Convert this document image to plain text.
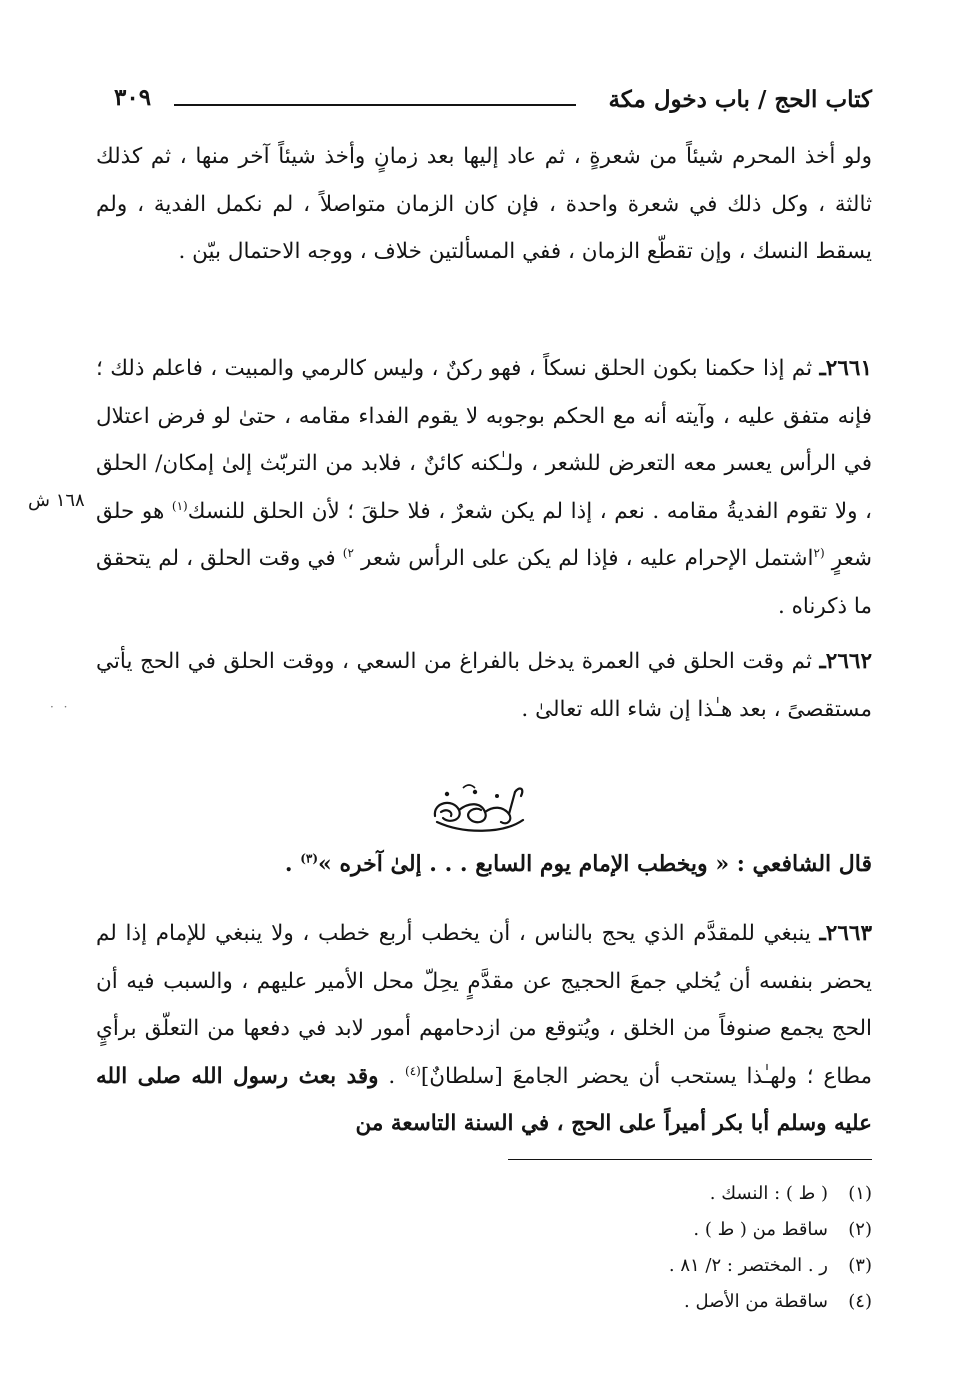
كتاب الحج / باب دخول مكة
٣٠٩
ولو أخذ المحرم شيئاً من شعرةٍ ، ثم عاد إليها بعد زمانٍ وأخذ شيئاً آخر منها ، ثم كذلك ثالثة ، وكل ذلك في شعرة واحدة ، فإن كان الزمان متواصلاً ، لم نكمل الفدية ، ولم يسقط النسك ، وإن تقطّع الزمان ، ففي المسألتين خلاف ، ووجه الاحتمال بيّن .
٢٦٦١ـ ثم إذا حكمنا بكون الحلق نسكاً ، فهو ركنٌ ، وليس كالرمي والمبيت ، فاعلم ذلك ؛ فإنه متفق عليه ، وآيته أنه مع الحكم بوجوبه لا يقوم الفداء مقامه ، حتىٰ لو فرض اعتلال في الرأس يعسر معه التعرض للشعر ، ولـٰكنه كائنٌ ، فلابد من التربّث إلىٰ إمكان/ الحلق ، ولا تقوم الفديةُ مقامه . نعم ، إذا لم يكن شعرٌ ، فلا حلقَ ؛ لأن الحلق للنسك$^{(١)}$ هو حلق شعرٍ $^{(٢}$اشتمل الإحرام عليه ، فإذا لم يكن على الرأس شعر $^{٢)}$ في وقت الحلق ، لم يتحقق ما ذكرناه .
١٦٨ ش
٢٦٦٢ـ ثم وقت الحلق في العمرة يدخل بالفراغ من السعي ، ووقت الحلق في الحج يأتي مستقصىً ، بعد هـٰذا إن شاء الله تعالىٰ .
· ·
فَصْل
قال الشافعي : « ويخطب الإمام يوم السابع . . . إلىٰ آخره »$^{(٣)}$ .
٢٦٦٣ـ ينبغي للمقدَّم الذي يحج بالناس ، أن يخطب أربع خطب ، ولا ينبغي للإمام إذا لم يحضر بنفسه أن يُخلي جمعَ الحجيج عن مقدَّمٍ يحِلّ محل الأمير عليهم ، والسبب فيه أن الحج يجمع صنوفاً من الخلق ، ويُتوقع من ازدحامهم أمور لابد في دفعها من التعلّق برأيٍ مطاع ؛ ولهـٰذا يستحب أن يحضر الجامعَ [سلطانٌ]$^{(٤)}$ . وقد بعث رسول الله صلى الله عليه وسلم أبا بكر أميراً على الحج ، في السنة التاسعة من
(١)( ط ) : النسك .
(٢)ساقط من ( ط ) .
(٣)ر . المختصر : ٢/ ٨١ .
(٤)ساقطة من الأصل .
